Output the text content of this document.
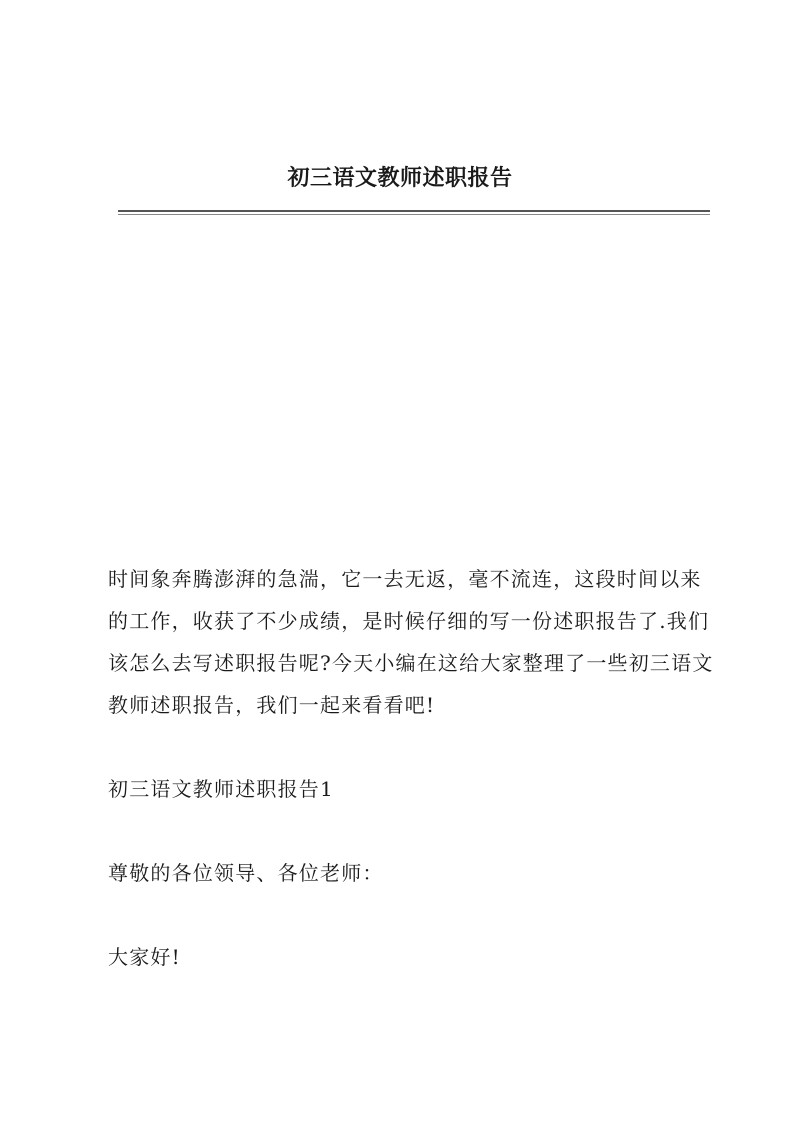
初三语文教师述职报告

时间象奔腾澎湃的急湍，它一去无返，毫不流连，这段时间以来的工作，收获了不少成绩，是时候仔细的写一份述职报告了.我们该怎么去写述职报告呢?今天小编在这给大家整理了一些初三语文教师述职报告，我们一起来看看吧!

初三语文教师述职报告1

尊敬的各位领导、各位老师：

大家好!
